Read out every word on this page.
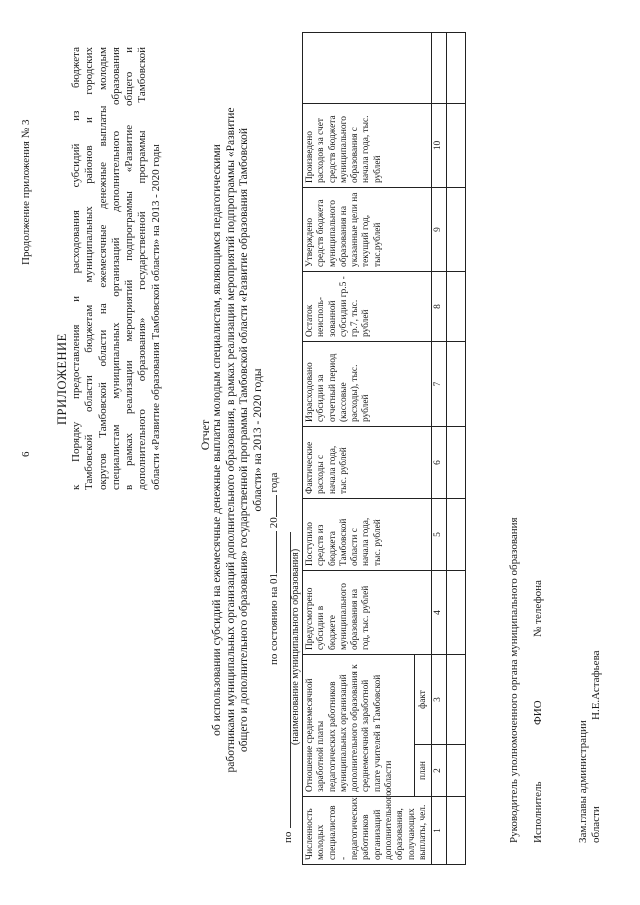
6
Продолжение приложения № 3
ПРИЛОЖЕНИЕ к Порядку предоставления и расходования субсидий из бюджета Тамбовской области бюджетам муниципальных районов и городских округов Тамбовской области на ежемесячные денежные выплаты молодым специалистам муниципальных организаций дополнительного образования в рамках реализации мероприятий подпрограммы «Развитие общего и дополнительного образования» государственной программы Тамбовской области «Развитие образования Тамбовской области» на 2013 - 2020 годы	Отчет об использовании субсидий на ежемесячные денежные выплаты молодым специалистам, являющимся педагогическими работниками муниципальных организаций дополнительного образования, в рамках реализации мероприятий подпрограммы «Развитие общего и дополнительного образования» государственной программы Тамбовской области «Развитие образования Тамбовской области» на 2013 - 2020 годы
по состоянию на 01 20 года
по
(наименование муниципального образования)
Численность молодых специалистов - педагогических работников организаций дополнительного образования, получающих выплаты, чел.	Отношение среднемесячной заработной платы педагогических работников муниципальных организаций дополнительного образования к среднемесячной заработной плате учителей в Тамбовской области		Предусмотрено субсидии в бюджете муниципального образования на год, тыс. рублей	Поступило средств из бюджета Тамбовской области с начала года, тыс. рублей	Фактические расходы с начала года, тыс. рублей	Израсходовано субсидии за отчетный период (кассовые расходы), тыс. рублей	Остаток неисполь-зованной субсидии гр.5 - гр.7, тыс. рублей	Утверждено средств бюджета муниципального образования на указанные цели на текущий год, тыс.рублей	Произведено расходов за счет средств бюджета муниципального образования с начала года, тыс. рублей	
	план	факт								
1	2	3	4	5	6	7	8	9	10	

Руководитель уполномоченного органа муниципального образования Исполнитель
ФИО
№ телефона
Зам.главы администрации области
Н.Е.Астафьева
